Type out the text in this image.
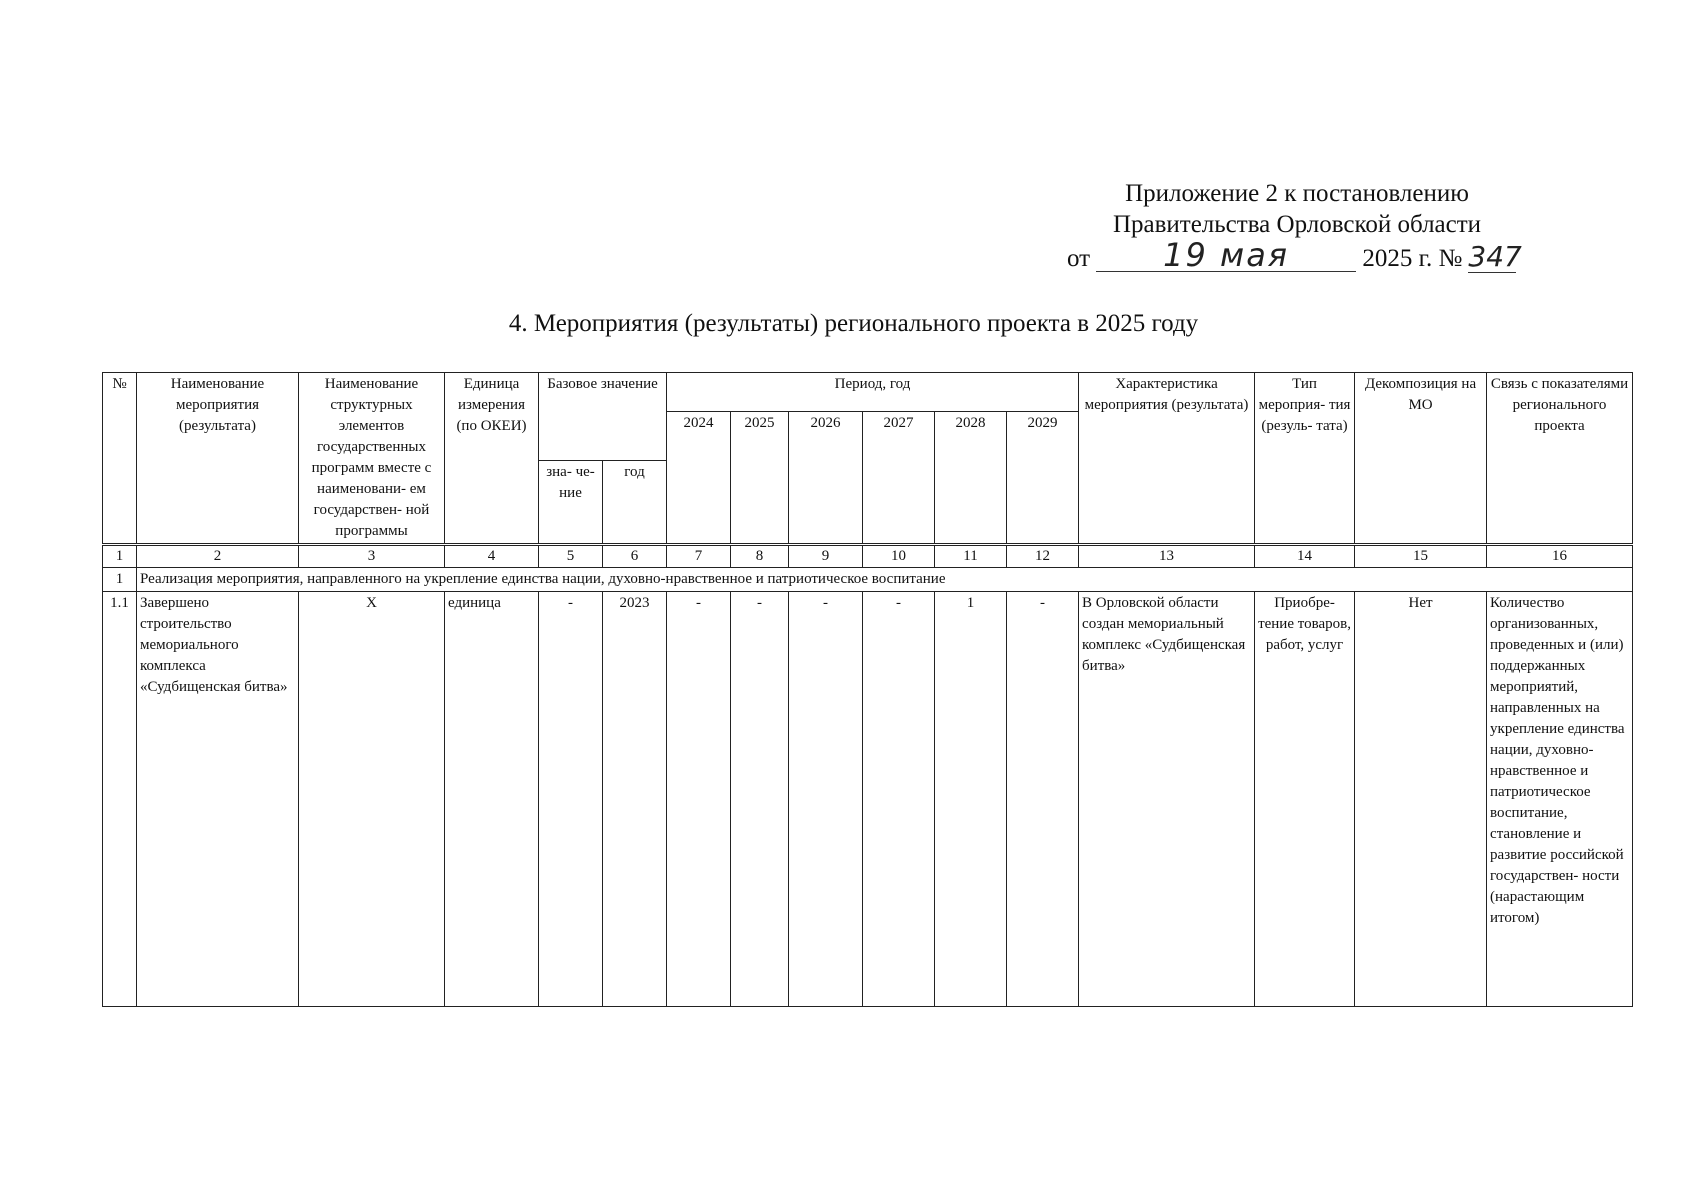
Приложение 2 к постановлению
Правительства Орловской области
от 19 мая	2025 г. № 347
4. Мероприятия (результаты) регионального проекта в 2025 году
№	Наименование мероприятия (результата)	Наименование структурных элементов государственных программ вместе с наименовани- ем государствен- ной программы	Единица измерения (по ОКЕИ)	Базовое значение		Период, год						Характеристика мероприятия (результата)	Тип мероприя- тия (резуль- тата)	Декомпозиция на МО	Связь с показателями регионального проекта
						2024	2025	2026	2027	2028	2029				
				зна- че- ние	год										
1	2	3	4	5	6	7	8	9	10	11	12	13	14	15	16
1	Реализация мероприятия, направленного на укрепление единства нации, духовно-нравственное и патриотическое воспитание														
1.1	Завершено строительство мемориального комплекса «Судбищенская битва»	X	единица	-	2023	-	-	-	-	1	-	В Орловской области создан мемориальный комплекс «Судбищенская битва»	Приобре- тение товаров, работ, услуг	Нет	Количество организованных, проведенных и (или) поддержанных мероприятий, направленных на укрепление единства нации, духовно- нравственное и патриотическое воспитание, становление и развитие российской государствен- ности (нарастающим итогом)
